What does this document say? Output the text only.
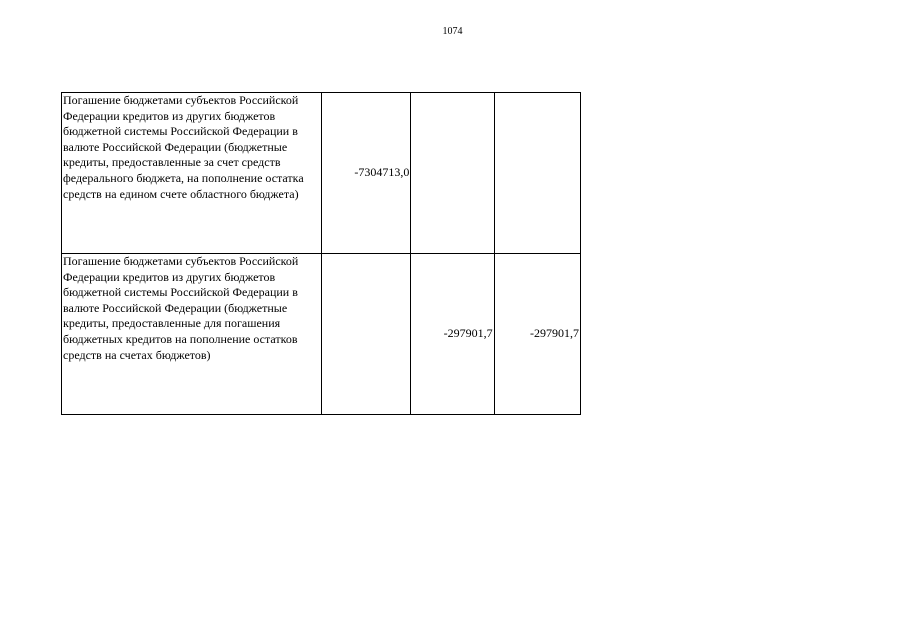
1074
Погашение бюджетами субъектов Российской Федерации кредитов из других бюджетов бюджетной системы Российской Федерации в валюте Российской Федерации (бюджетные кредиты, предоставленные за счет средств федерального бюджета, на пополнение остатка средств на едином счете областного бюджета)	-7304713,0		
Погашение бюджетами субъектов Российской Федерации кредитов из других бюджетов бюджетной системы Российской Федерации в валюте Российской Федерации (бюджетные кредиты, предоставленные для погашения бюджетных кредитов на пополнение остатков средств на счетах бюджетов)		-297901,7	-297901,7
